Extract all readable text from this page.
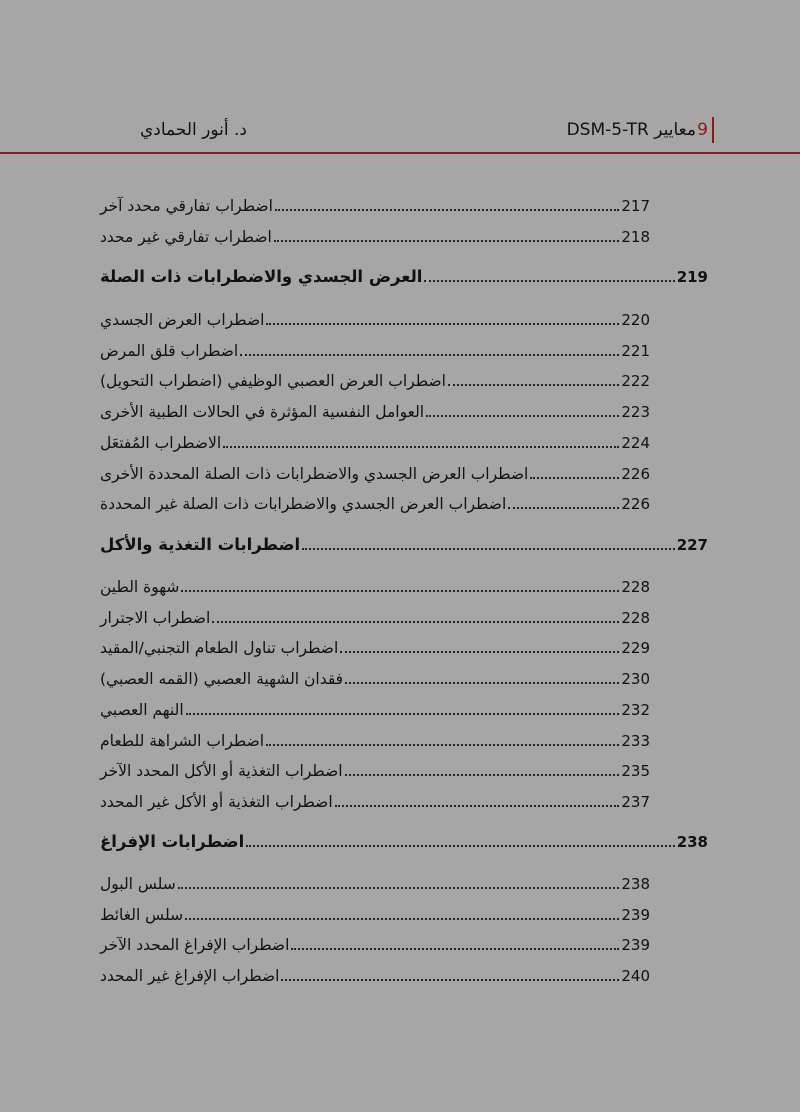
9
معايير DSM-5-TR
د. أنور الحمادي
اضطراب تفارقي محدد آخر	217
اضطراب تفارقي غير محدد	218
العرض الجسدي والاضطرابات ذات الصلة	219
اضطراب العرض الجسدي	220
اضطراب قلق المرض	221
اضطراب العرض العصبي الوظيفي (اضطراب التحويل)	222
العوامل النفسية المؤثرة في الحالات الطبية الأخرى	223
الاضطراب المُفتعَل	224
اضطراب العرض الجسدي والاضطرابات ذات الصلة المحددة الأخرى	226
اضطراب العرض الجسدي والاضطرابات ذات الصلة غير المحددة	226
اضطرابات التغذية والأكل	227
شهوة الطين	228
اضطراب الاجترار	228
اضطراب تناول الطعام التجنبي/المقيد	229
فقدان الشهية العصبي (القمه العصبي)	230
النهم العصبي	232
اضطراب الشراهة للطعام	233
اضطراب التغذية أو الأكل المحدد الآخر	235
اضطراب التغذية أو الأكل غير المحدد	237
اضطرابات الإفراغ	238
سلس البول	238
سلس الغائط	239
اضطراب الإفراغ المحدد الآخر	239
اضطراب الإفراغ غير المحدد	240
